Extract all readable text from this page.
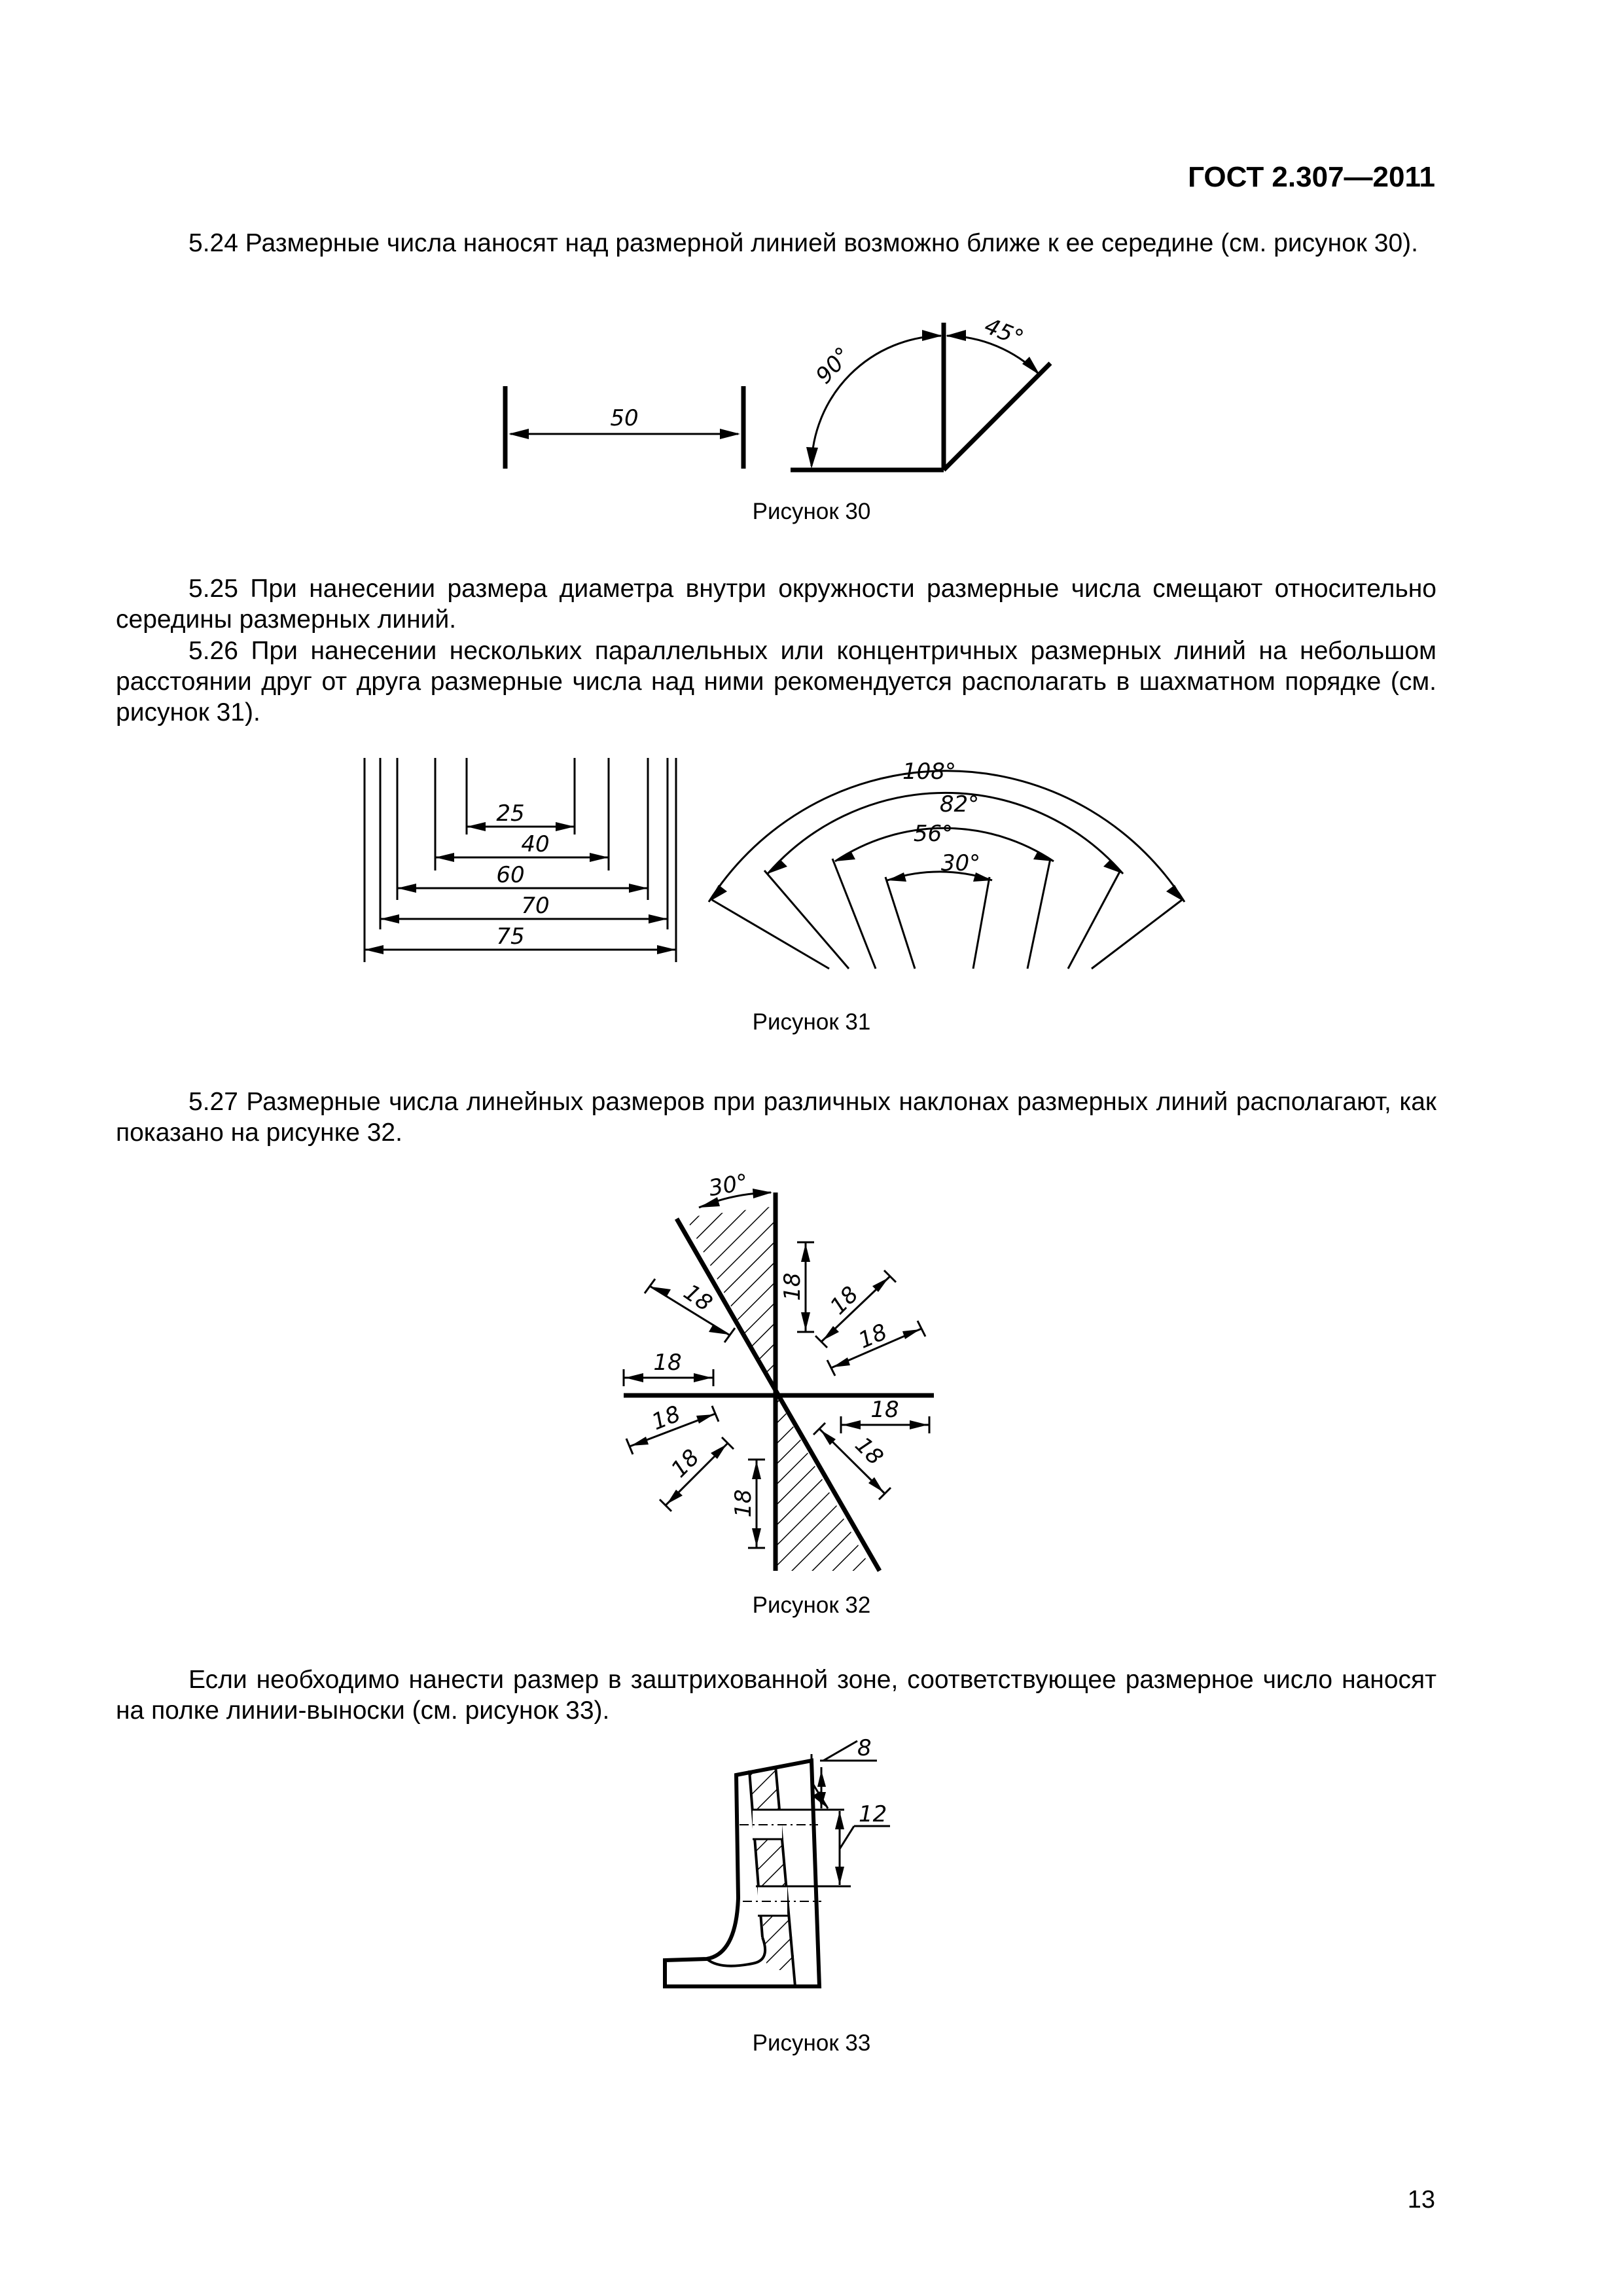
ГОСТ 2.307—2011
5.24 Размерные числа наносят над размерной линией возможно ближе к ее середине (см. рисунок 30).
50
90°
45°
Рисунок 30
5.25 При нанесении размера диаметра внутри окружности размерные числа смещают относительно середины размерных линий.
5.26 При нанесении нескольких параллельных или концентричных размерных линий на небольшом расстоянии друг от друга размерные числа над ними рекомендуется располагать в шахматном порядке (см. рисунок 31).
25
40
60
70
75
108°
82°
56°
30°
Рисунок 31
5.27 Размерные числа линейных размеров при различных наклонах размерных линий располагают, как показано на рисунке 32.
30°
18
18
18
18
18	18
18
18
18	18
Рисунок 32
Если необходимо нанести размер в заштрихованной зоне, соответствующее размерное число наносят на полке линии-выноски (см. рисунок 33).
8
12
Рисунок 33
13
